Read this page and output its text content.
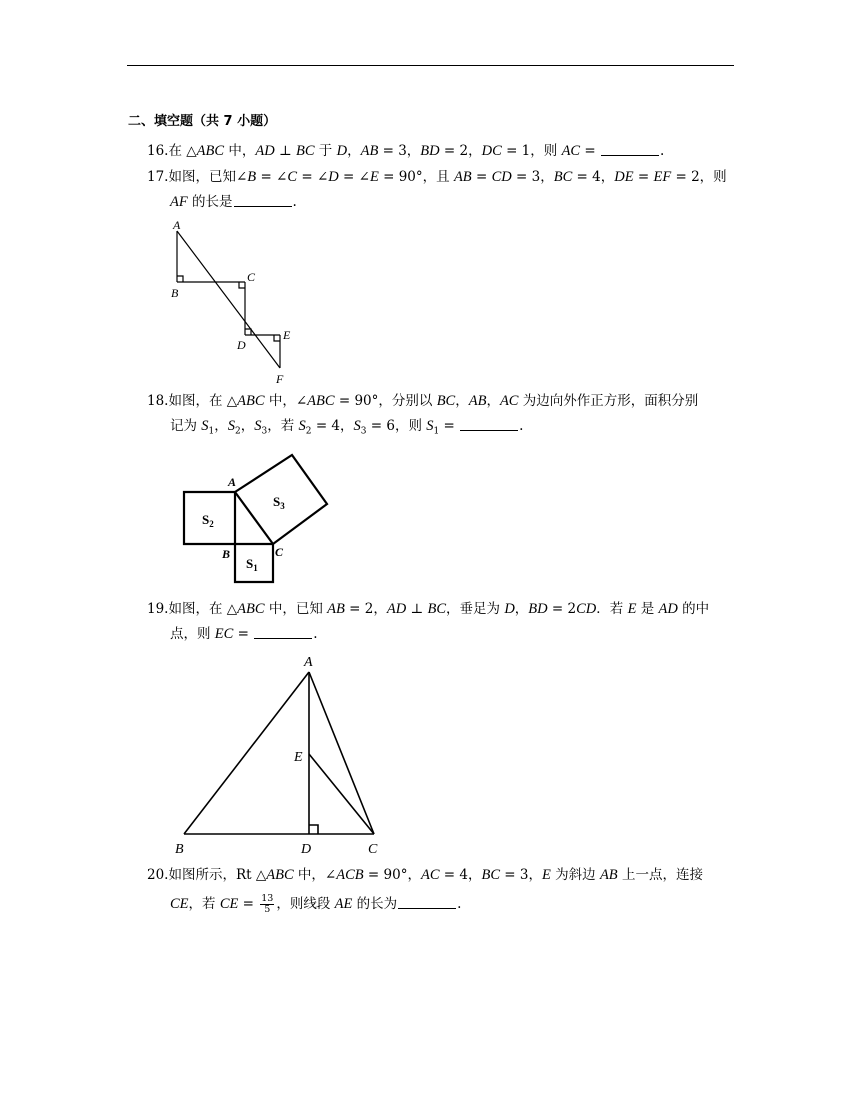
二、填空题（共 7 小题）
16.在 △ABC 中，AD ⊥ BC 于 D，AB = 3，BD = 2，DC = 1，则 AC =	.
17.如图，已知∠B = ∠C = ∠D = ∠E = 90°，且 AB = CD = 3，BC = 4，DE = EF = 2，则
AF 的长是	.
A
B
C
D
E
F
18.如图，在 △ABC 中，∠ABC = 90°，分别以 BC，AB，AC 为边向外作正方形，面积分别
记为 $S_1$，$S_2$，$S_3$，若 $S_2 = 4$，$S_3 = 6$，则 $S_1$ =	.
A
B	C
$S_2$
$S_1$
$S_3$
19.如图，在 △ABC 中，已知 AB = 2，AD ⊥ BC，垂足为 D，BD = 2CD．若 E 是 AD 的中
点，则 EC =	.
A
B	C
D
E
20.如图所示，Rt △ABC 中，∠ACB = 90°，AC = 4，BC = 3，E 为斜边 AB 上一点，连接
CE，若 CE = $\frac{13}{5}$ ，则线段 AE 的长为	.
